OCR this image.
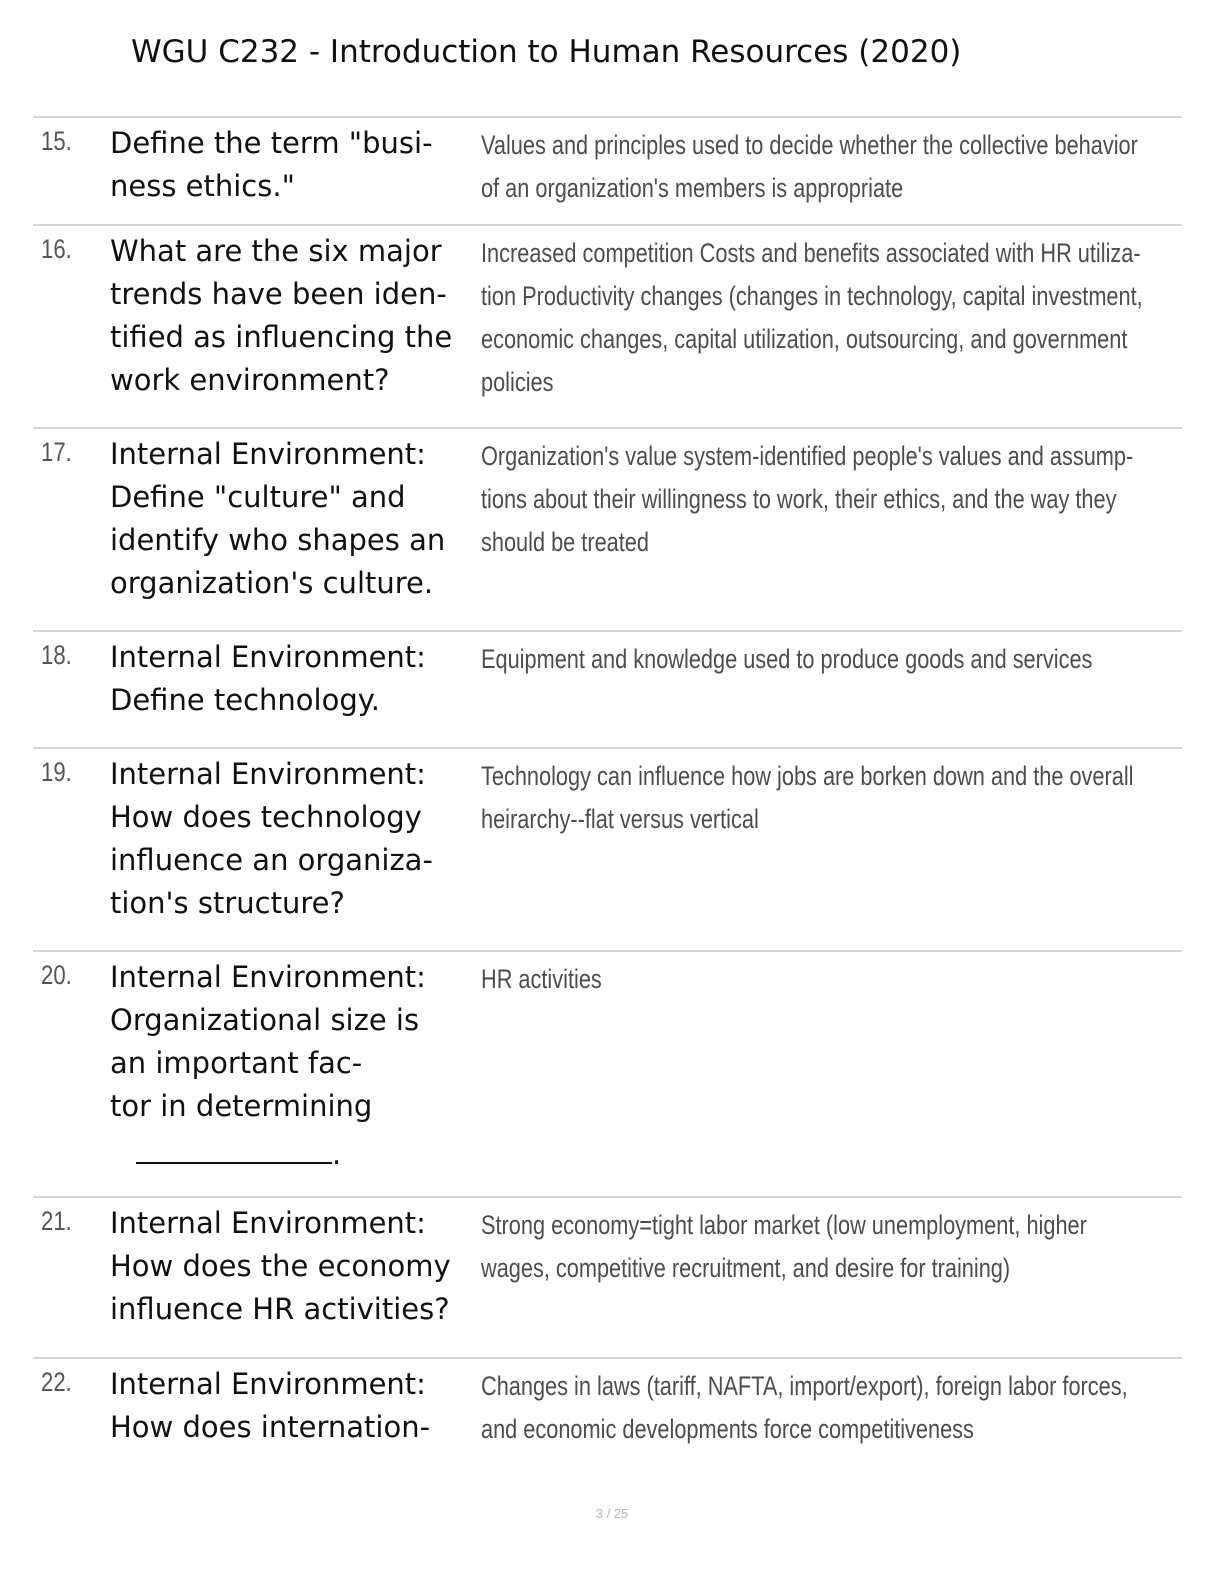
WGU C232 - Introduction to Human Resources (2020)
15. Define the term "busi-
ness ethics."
Values and principles used to decide whether the collective behavior
of an organization's members is appropriate
16. What are the six major
trends have been iden-
tified as influencing the
work environment?
Increased competition Costs and benefits associated with HR utiliza-
tion Productivity changes (changes in technology, capital investment,
economic changes, capital utilization, outsourcing, and government
policies
17. Internal Environment:
Define "culture" and
identify who shapes an
organization's culture.
Organization's value system-identified people's values and assump-
tions about their willingness to work, their ethics, and the way they
should be treated
18. Internal Environment:
Define technology.
Equipment and knowledge used to produce goods and services
19. Internal Environment:
How does technology
influence an organiza-
tion's structure?
Technology can influence how jobs are borken down and the overall
heirarchy--flat versus vertical
20. Internal Environment:
Organizational size is
an important fac-
tor in determining
.
HR activities
21. Internal Environment:
How does the economy
influence HR activities?
Strong economy=tight labor market (low unemployment, higher
wages, competitive recruitment, and desire for training)
22. Internal Environment:
How does internation-
Changes in laws (tariff, NAFTA, import/export), foreign labor forces,
and economic developments force competitiveness
3 / 25
